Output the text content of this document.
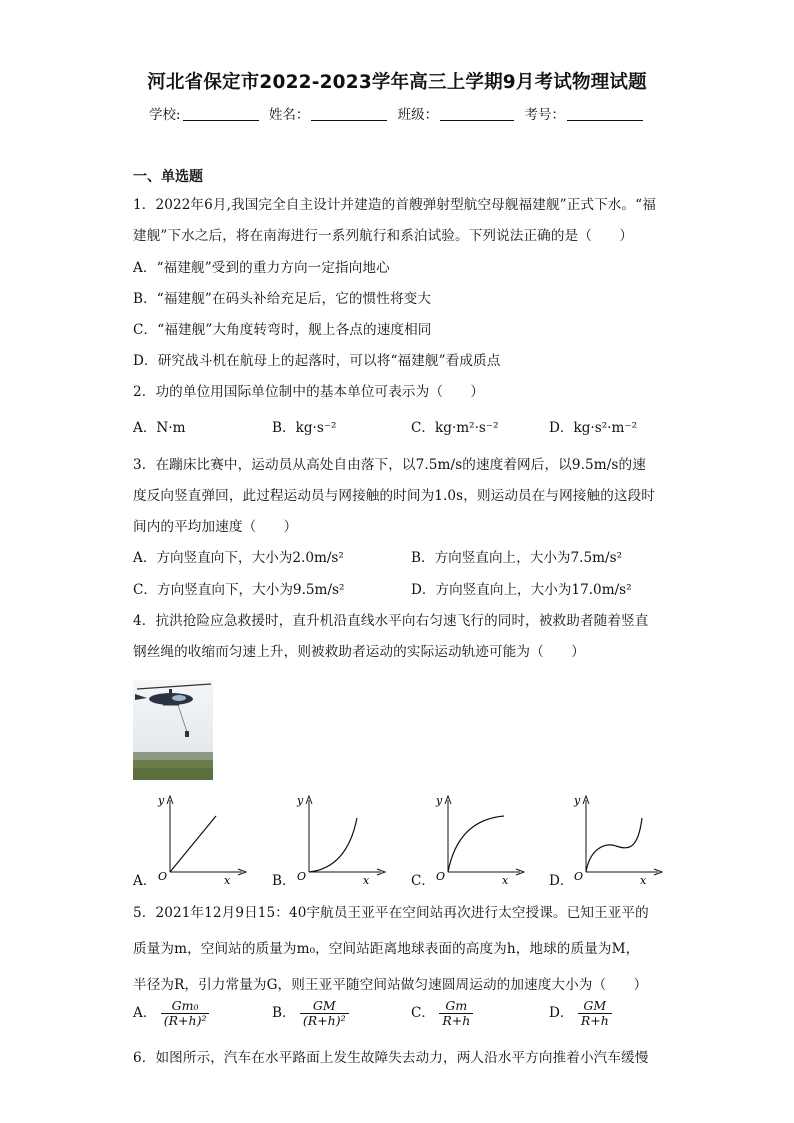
河北省保定市2022-2023学年高三上学期9月考试物理试题
学校:	姓名：	班级：	考号：
一、单选题
1．2022年6月,我国完全自主设计并建造的首艘弹射型航空母舰福建舰”正式下水。“福
建舰”下水之后，将在南海进行一系列航行和系泊试验。下列说法正确的是（　　）
A．“福建舰”受到的重力方向一定指向地心
B．“福建舰”在码头补给充足后，它的惯性将变大
C．“福建舰”大角度转弯时，舰上各点的速度相同
D．研究战斗机在航母上的起落时，可以将“福建舰”看成质点
2．功的单位用国际单位制中的基本单位可表示为（　　）
A．N·m	B．kg·s⁻²	C．kg·m²·s⁻²	D．kg·s²·m⁻²
3．在蹦床比赛中，运动员从高处自由落下，以7.5m/s的速度着网后，以9.5m/s的速
度反向竖直弹回，此过程运动员与网接触的时间为1.0s，则运动员在与网接触的这段时
间内的平均加速度（　　）
A．方向竖直向下，大小为2.0m/s²	B．方向竖直向上，大小为7.5m/s²
C．方向竖直向下，大小为9.5m/s²	D．方向竖直向上，大小为17.0m/s²
4．抗洪抢险应急救援时，直升机沿直线水平向右匀速飞行的同时，被救助者随着竖直
钢丝绳的收缩而匀速上升，则被救助者运动的实际运动轨迹可能为（　　）
A．	B．	C．	D．
y
O	x
y
O	x
y
O	x
y
O	x
5．2021年12月9日15：40宇航员王亚平在空间站再次进行太空授课。已知王亚平的
质量为m，空间站的质量为m₀，空间站距离地球表面的高度为h，地球的质量为M，
半径为R，引力常量为G，则王亚平随空间站做匀速圆周运动的加速度大小为（　　）
A． $\frac{\text{Gm₀}}{\text{(R+h)²}}$	B． $\frac{GM}{\text{(R+h)²}}$	C． $\frac{Gm}{R+h}$	D． $\frac{GM}{R+h}$
6．如图所示，汽车在水平路面上发生故障失去动力，两人沿水平方向推着小汽车缓慢
